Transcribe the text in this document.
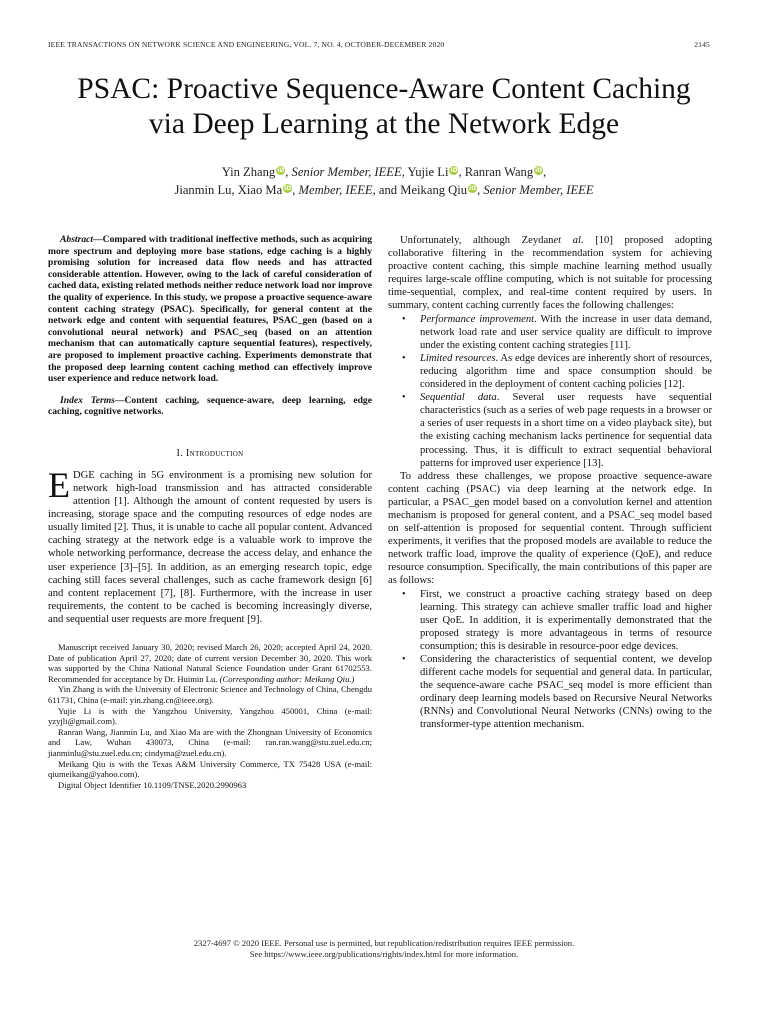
IEEE TRANSACTIONS ON NETWORK SCIENCE AND ENGINEERING, VOL. 7, NO. 4, OCTOBER-DECEMBER 2020	2145
PSAC: Proactive Sequence-Aware Content Caching
via Deep Learning at the Network Edge
Yin Zhang iD, Senior Member, IEEE, Yujie Li iD, Ranran Wang iD,
Jianmin Lu, Xiao Ma iD, Member, IEEE, and Meikang Qiu iD, Senior Member, IEEE

Abstract—Compared with traditional ineffective methods, such as acquiring more spectrum and deploying more base stations, edge caching is a highly promising solution for increased data flow needs and has attracted considerable attention. However, owing to the lack of careful consideration of cached data, existing related methods neither reduce network load nor improve the quality of experience. In this study, we propose a proactive sequence-aware content caching strategy (PSAC). Specifically, for general content at the network edge and content with sequential features, PSAC_gen (based on a convolutional neural network) and PSAC_seq (based on an attention mechanism that can automatically capture sequential features), respectively, are proposed to implement proactive caching. Experiments demonstrate that the proposed deep learning content caching method can effectively improve user experience and reduce network load.

Index Terms—Content caching, sequence-aware, deep learning, edge caching, cognitive networks.

I. Introduction

EDGE caching in 5G environment is a promising new solution for network high-load transmission and has attracted considerable attention [1]. Although the amount of content requested by users is increasing, storage space and the computing resources of edge nodes are usually limited [2]. Thus, it is unable to cache all popular content. Advanced caching strategy at the network edge is a valuable work to improve the whole networking performance, decrease the access delay, and enhance the user experience [3]–[5]. In addition, as an emerging research topic, edge caching still faces several challenges, such as cache framework design [6] and content replacement [7], [8]. Furthermore, with the increase in user requirements, the content to be cached is becoming increasingly diverse, and sequential user requests are more frequent [9].

Manuscript received January 30, 2020; revised March 26, 2020; accepted April 24, 2020. Date of publication April 27, 2020; date of current version December 30, 2020. This work was supported by the China National Natural Science Foundation under Grant 61702553. Recommended for acceptance by Dr. Huimin Lu. (Corresponding author: Meikang Qiu.)

Yin Zhang is with the University of Electronic Science and Technology of China, Chengdu 611731, China (e-mail: yin.zhang.cn@ieee.org).

Yujie Li is with the Yangzhou University, Yangzhou 450001, China (e-mail: yzyjli@gmail.com).

Ranran Wang, Jianmin Lu, and Xiao Ma are with the Zhongnan University of Economics and Law, Wuhan 430073, China (e-mail: ran.ran.wang@stu.zuel.edu.cn; jianminlu@stu.zuel.edu.cn; cindyma@zuel.edu.cn).

Meikang Qiu is with the Texas A&M University Commerce, TX 75428 USA (e-mail: qiumeikang@yahoo.com).

Digital Object Identifier 10.1109/TNSE.2020.2990963

Unfortunately, although Zeydanet al. [10] proposed adopting collaborative filtering in the recommendation system for achieving proactive content caching, this simple machine learning method usually requires large-scale offline computing, which is not suitable for processing time-sequential, complex, and real-time content required by users. In summary, content caching currently faces the following challenges:

• Performance improvement. With the increase in user data demand, network load rate and user service quality are difficult to improve under the existing content caching strategies [11].
• Limited resources. As edge devices are inherently short of resources, reducing algorithm time and space consumption should be considered in the deployment of content caching policies [12].
• Sequential data. Several user requests have sequential characteristics (such as a series of web page requests in a browser or a series of user requests in a short time on a video playback site), but the existing caching mechanism lacks pertinence for sequential data processing. Thus, it is difficult to extract sequential behavioral patterns for improved user experience [13].

To address these challenges, we propose proactive sequence-aware content caching (PSAC) via deep learning at the network edge. In particular, a PSAC_gen model based on a convolution kernel and attention mechanism is proposed for general content, and a PSAC_seq model based on self-attention is proposed for sequential content. Through sufficient experiments, it verifies that the proposed models are available to reduce the network traffic load, improve the quality of experience (QoE), and reduce resource consumption. Specifically, the main contributions of this paper are as follows:

• First, we construct a proactive caching strategy based on deep learning. This strategy can achieve smaller traffic load and higher user QoE. In addition, it is experimentally demonstrated that the proposed strategy is more advantageous in terms of resource consumption; this is desirable in resource-poor edge devices.
• Considering the characteristics of sequential content, we develop different cache models for sequential and general data. In particular, the sequence-aware cache PSAC_seq model is more efficient than ordinary deep learning models based on Recursive Neural Networks (RNNs) and Convolutional Neural Networks (CNNs) owing to the transformer-type attention mechanism.
2327-4697 © 2020 IEEE. Personal use is permitted, but republication/redistribution requires IEEE permission.
See https://www.ieee.org/publications/rights/index.html for more information.
